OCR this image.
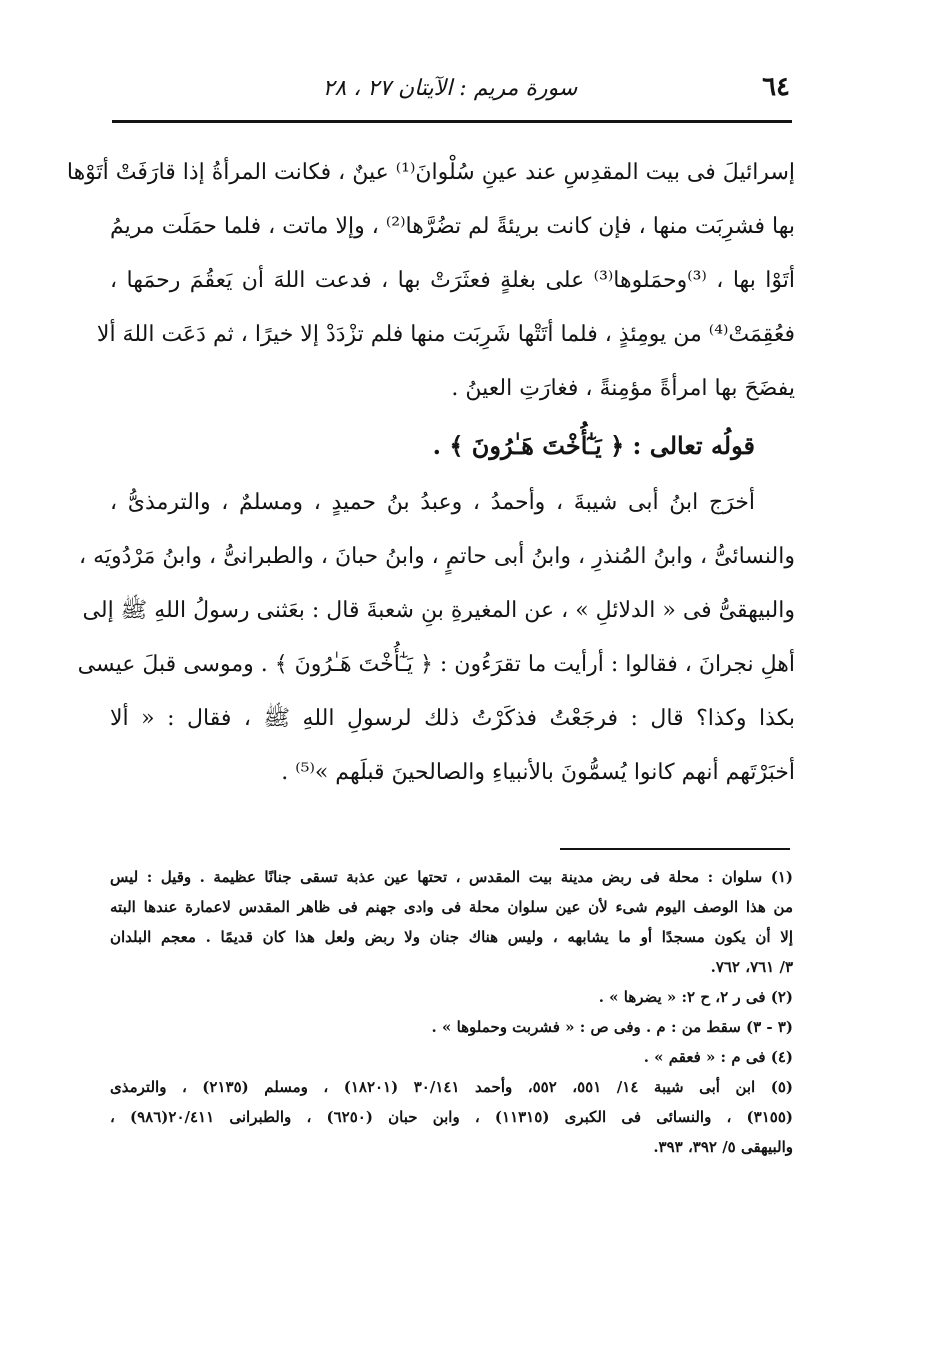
٦٤
سورة مريم : الآيتان ٢٧ ، ٢٨
إسرائيلَ فى بيت المقدِسِ عند عينِ سُلْوانَ⁽¹⁾ عينٌ ، فكانت المرأةُ إذا قارَفَتْ أتَوْها
بها فشرِبَت منها ، فإن كانت بريئةً لم تضُرَّها⁽²⁾ ، وإلا ماتت ، فلما حمَلَت مريمُ
أتَوْا بها ، ⁽³⁾وحمَلوها⁽³⁾ على بغلةٍ فعثَرَتْ بها ، فدعت اللهَ أن يَعقُمَ رحمَها ،
فعُقِمَتْ⁽⁴⁾ من يومِئذٍ ، فلما أتَتْها شَرِبَت منها فلم تزْدَدْ إلا خيرًا ، ثم دَعَت اللهَ ألا
يفضَحَ بها امرأةً مؤمِنةً ، فغارَتِ العينُ .
قولُه تعالى : ﴿ يَـٰٓأُخْتَ هَـٰرُونَ ﴾ .
أخرَج ابنُ أبى شيبةَ ، وأحمدُ ، وعبدُ بنُ حميدٍ ، ومسلمٌ ، والترمذىُّ ،
والنسائىُّ ، وابنُ المُنذرِ ، وابنُ أبى حاتمٍ ، وابنُ حبانَ ، والطبرانىُّ ، وابنُ مَرْدُويَه ،
والبيهقىُّ فى « الدلائلِ » ، عن المغيرةِ بنِ شعبةَ قال : بعَثنى رسولُ اللهِ ﷺ إلى
أهلِ نجرانَ ، فقالوا : أرأيت ما تقرَءُون : ﴿ يَـٰٓأُخْتَ هَـٰرُونَ ﴾ . وموسى قبلَ عيسى
بكذا وكذا؟ قال : فرجَعْتُ فذكَرْتُ ذلك لرسولِ اللهِ ﷺ ، فقال : « ألا
أخبَرْتَهم أنهم كانوا يُسمُّونَ بالأنبياءِ والصالحينَ قبلَهم »⁽⁵⁾ .
(١) سلوان : محلة فى ربض مدينة بيت المقدس ، تحتها عين عذبة تسقى جنانًا عظيمة . وقيل : ليس
من هذا الوصف اليوم شىء لأن عين سلوان محلة فى وادى جهنم فى ظاهر المقدس لاعمارة عندها البته
إلا أن يكون مسجدًا أو ما يشابهه ، وليس هناك جنان ولا ربض ولعل هذا كان قديمًا . معجم البلدان
٣/ ٧٦١، ٧٦٢.
(٢) فى ر ٢، ح ٢: « يضرها » .
(٣ - ٣) سقط من : م . وفى ص : « فشربت وحملوها » .
(٤) فى م : « فعقم » .
(٥) ابن أبى شيبة ١٤/ ٥٥١، ٥٥٢، وأحمد ٣٠/١٤١ (١٨٢٠١) ، ومسلم (٢١٣٥) ، والترمذى
(٣١٥٥) ، والنسائى فى الكبرى (١١٣١٥) ، وابن حبان (٦٢٥٠) ، والطبرانى ٢٠/٤١١(٩٨٦) ،
والبيهقى ٥/ ٣٩٢، ٣٩٣.
